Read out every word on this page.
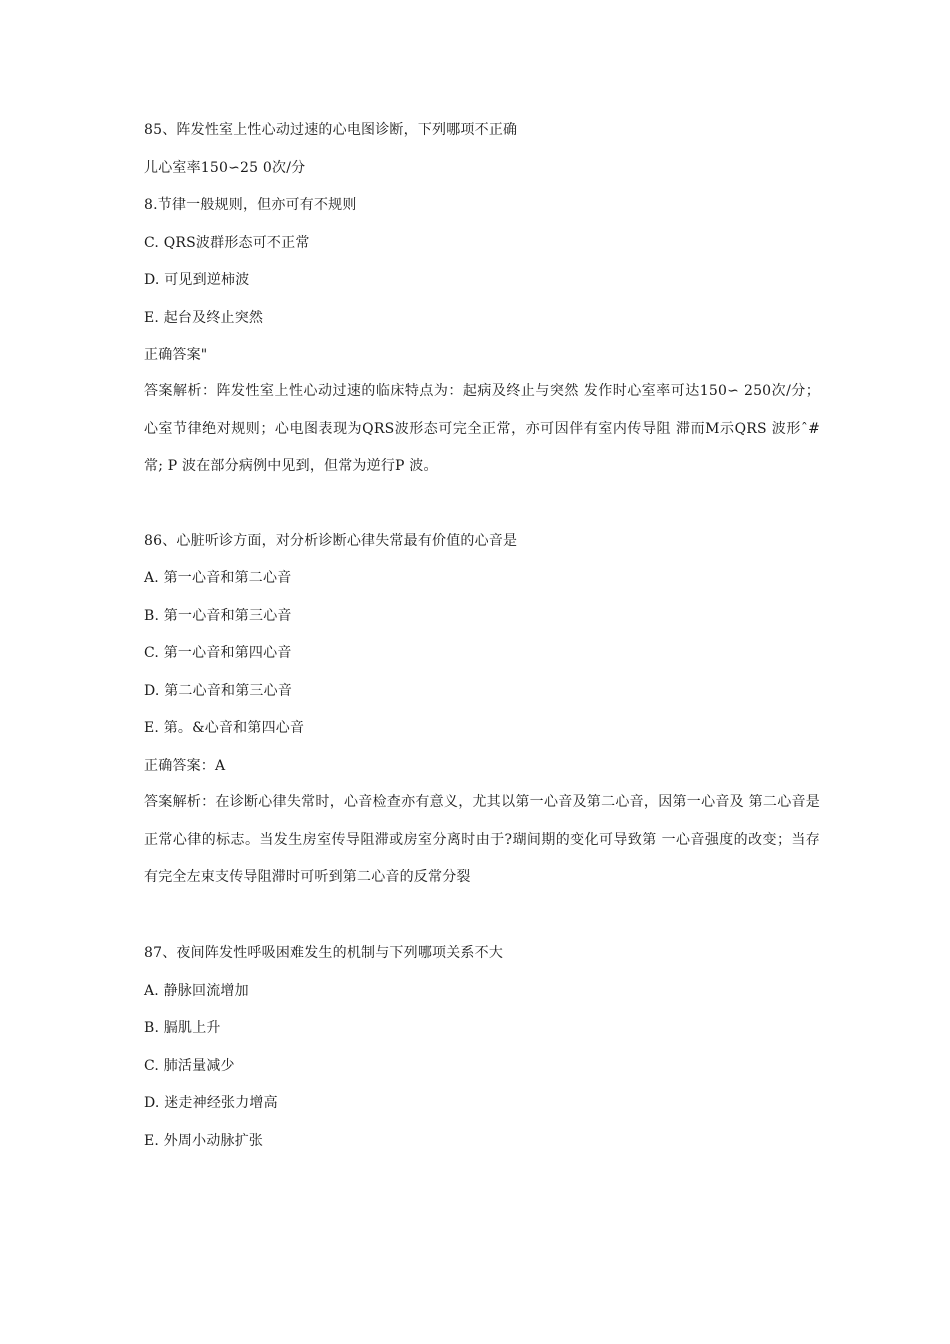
85、阵发性室上性心动过速的心电图诊断，下列哪项不正确
儿心室率150∽25 0次/分
8.节律一般规则，但亦可有不规则
C. QRS波群形态可不正常
D. 可见到逆柿波
E. 起台及终止突然
正确答案"
答案解析：阵发性室上性心动过速的临床特点为：起病及终止与突然 发作时心室率可达150∽ 250次/分；心室节律绝对规则；心电图表现为QRS波形态可完全正常，亦可因伴有室内传导阻 滞而M示QRS 波形ˆ#常; P 波在部分病例中见到，但常为逆行P 波。
86、心脏听诊方面，对分析诊断心律失常最有价值的心音是
A. 第一心音和第二心音
B. 第一心音和第三心音
C. 第一心音和第四心音
D. 第二心音和第三心音
E. 第。&心音和第四心音
正确答案：A
答案解析：在诊断心律失常时，心音检查亦有意义，尤其以第一心音及第二心音，因第一心音及 第二心音是正常心律的标志。当发生房室传导阻滞或房室分离时由于?瑚间期的变化可导致第 一心音强度的改变；当存有完全左束支传导阻滞时可听到第二心音的反常分裂
87、夜间阵发性呼吸困难发生的机制与下列哪项关系不大
A. 静脉回流增加
B. 膈肌上升
C. 肺活量减少
D. 迷走神经张力增高
E. 外周小动脉扩张
